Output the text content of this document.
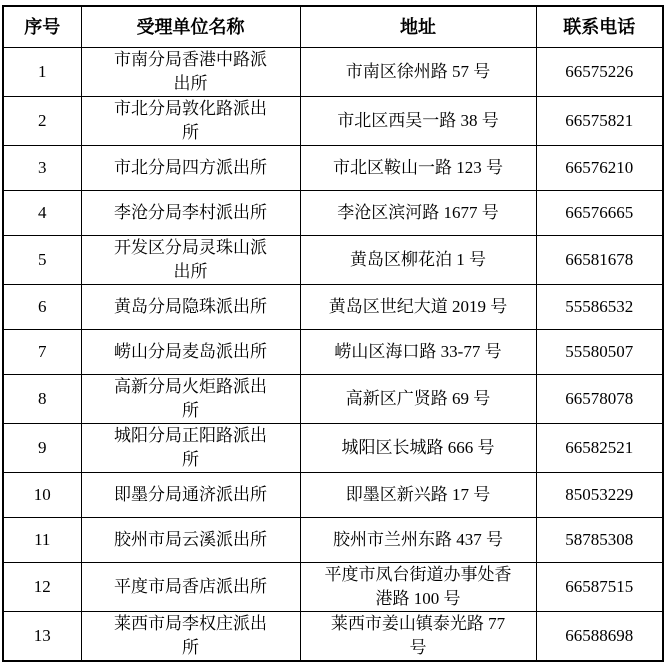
序号	受理单位名称	地址	联系电话
1	市南分局香港中路派出所	市南区徐州路 57 号	66575226
2	市北分局敦化路派出所	市北区西吴一路 38 号	66575821
3	市北分局四方派出所	市北区鞍山一路 123 号	66576210
4	李沧分局李村派出所	李沧区滨河路 1677 号	66576665
5	开发区分局灵珠山派出所	黄岛区柳花泊 1 号	66581678
6	黄岛分局隐珠派出所	黄岛区世纪大道 2019 号	55586532
7	崂山分局麦岛派出所	崂山区海口路 33-77 号	55580507
8	高新分局火炬路派出所	高新区广贤路 69 号	66578078
9	城阳分局正阳路派出所	城阳区长城路 666 号	66582521
10	即墨分局通济派出所	即墨区新兴路 17 号	85053229
11	胶州市局云溪派出所	胶州市兰州东路 437 号	58785308
12	平度市局香店派出所	平度市凤台街道办事处香港路 100 号	66587515
13	莱西市局李权庄派出所	莱西市姜山镇泰光路 77 号	66588698
